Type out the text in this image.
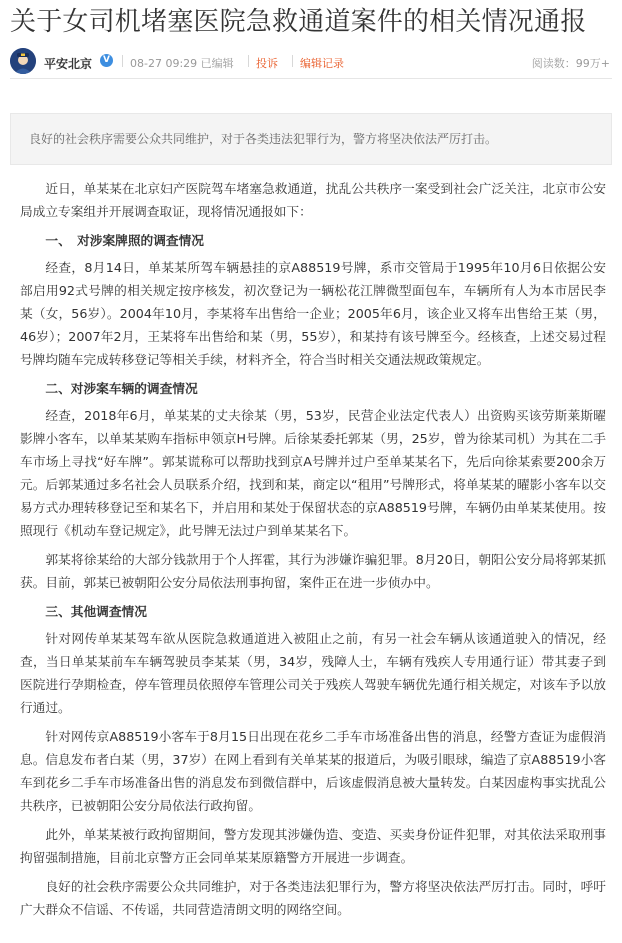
关于女司机堵塞医院急救通道案件的相关情况通报
平安北京	V 08-27 09:29 已编辑 投诉 编辑记录	阅读数：99万+
良好的社会秩序需要公众共同维护，对于各类违法犯罪行为，警方将坚决依法严厉打击。

近日，单某某在北京妇产医院驾车堵塞急救通道，扰乱公共秩序一案受到社会广泛关注，北京市公安局成立专案组并开展调查取证，现将情况通报如下：

一、　对涉案牌照的调查情况

经查，8月14日，单某某所驾车辆悬挂的京A88519号牌，系市交管局于1995年10月6日依据公安部启用92式号牌的相关规定按序核发，初次登记为一辆松花江牌微型面包车，车辆所有人为本市居民李某（女，56岁）。2004年10月，李某将车出售给一企业；2005年6月，该企业又将车出售给王某（男，46岁）；2007年2月，王某将车出售给和某（男，55岁），和某持有该号牌至今。经核查，上述交易过程号牌均随车完成转移登记等相关手续，材料齐全，符合当时相关交通法规政策规定。

二、对涉案车辆的调查情况

经查，2018年6月，单某某的丈夫徐某（男，53岁，民营企业法定代表人）出资购买该劳斯莱斯曜影牌小客车，以单某某购车指标申领京H号牌。后徐某委托郭某（男，25岁，曾为徐某司机）为其在二手车市场上寻找“好车牌”。郭某谎称可以帮助找到京A号牌并过户至单某某名下，先后向徐某索要200余万元。后郭某通过多名社会人员联系介绍，找到和某，商定以“租用”号牌形式，将单某某的曜影小客车以交易方式办理转移登记至和某名下，并启用和某处于保留状态的京A88519号牌，车辆仍由单某某使用。按照现行《机动车登记规定》，此号牌无法过户到单某某名下。

郭某将徐某给的大部分钱款用于个人挥霍，其行为涉嫌诈骗犯罪。8月20日，朝阳公安分局将郭某抓获。目前，郭某已被朝阳公安分局依法刑事拘留，案件正在进一步侦办中。

三、其他调查情况

针对网传单某某驾车欲从医院急救通道进入被阻止之前，有另一社会车辆从该通道驶入的情况，经查，当日单某某前车车辆驾驶员李某某（男，34岁，残障人士，车辆有残疾人专用通行证）带其妻子到医院进行孕期检查，停车管理员依照停车管理公司关于残疾人驾驶车辆优先通行相关规定，对该车予以放行通过。

针对网传京A88519小客车于8月15日出现在花乡二手车市场准备出售的消息，经警方查证为虚假消息。信息发布者白某（男，37岁）在网上看到有关单某某的报道后，为吸引眼球，编造了京A88519小客车到花乡二手车市场准备出售的消息发布到微信群中，后该虚假消息被大量转发。白某因虚构事实扰乱公共秩序，已被朝阳公安分局依法行政拘留。

此外，单某某被行政拘留期间，警方发现其涉嫌伪造、变造、买卖身份证件犯罪，对其依法采取刑事拘留强制措施，目前北京警方正会同单某某原籍警方开展进一步调查。

良好的社会秩序需要公众共同维护，对于各类违法犯罪行为，警方将坚决依法严厉打击。同时，呼吁广大群众不信谣、不传谣，共同营造清朗文明的网络空间。
